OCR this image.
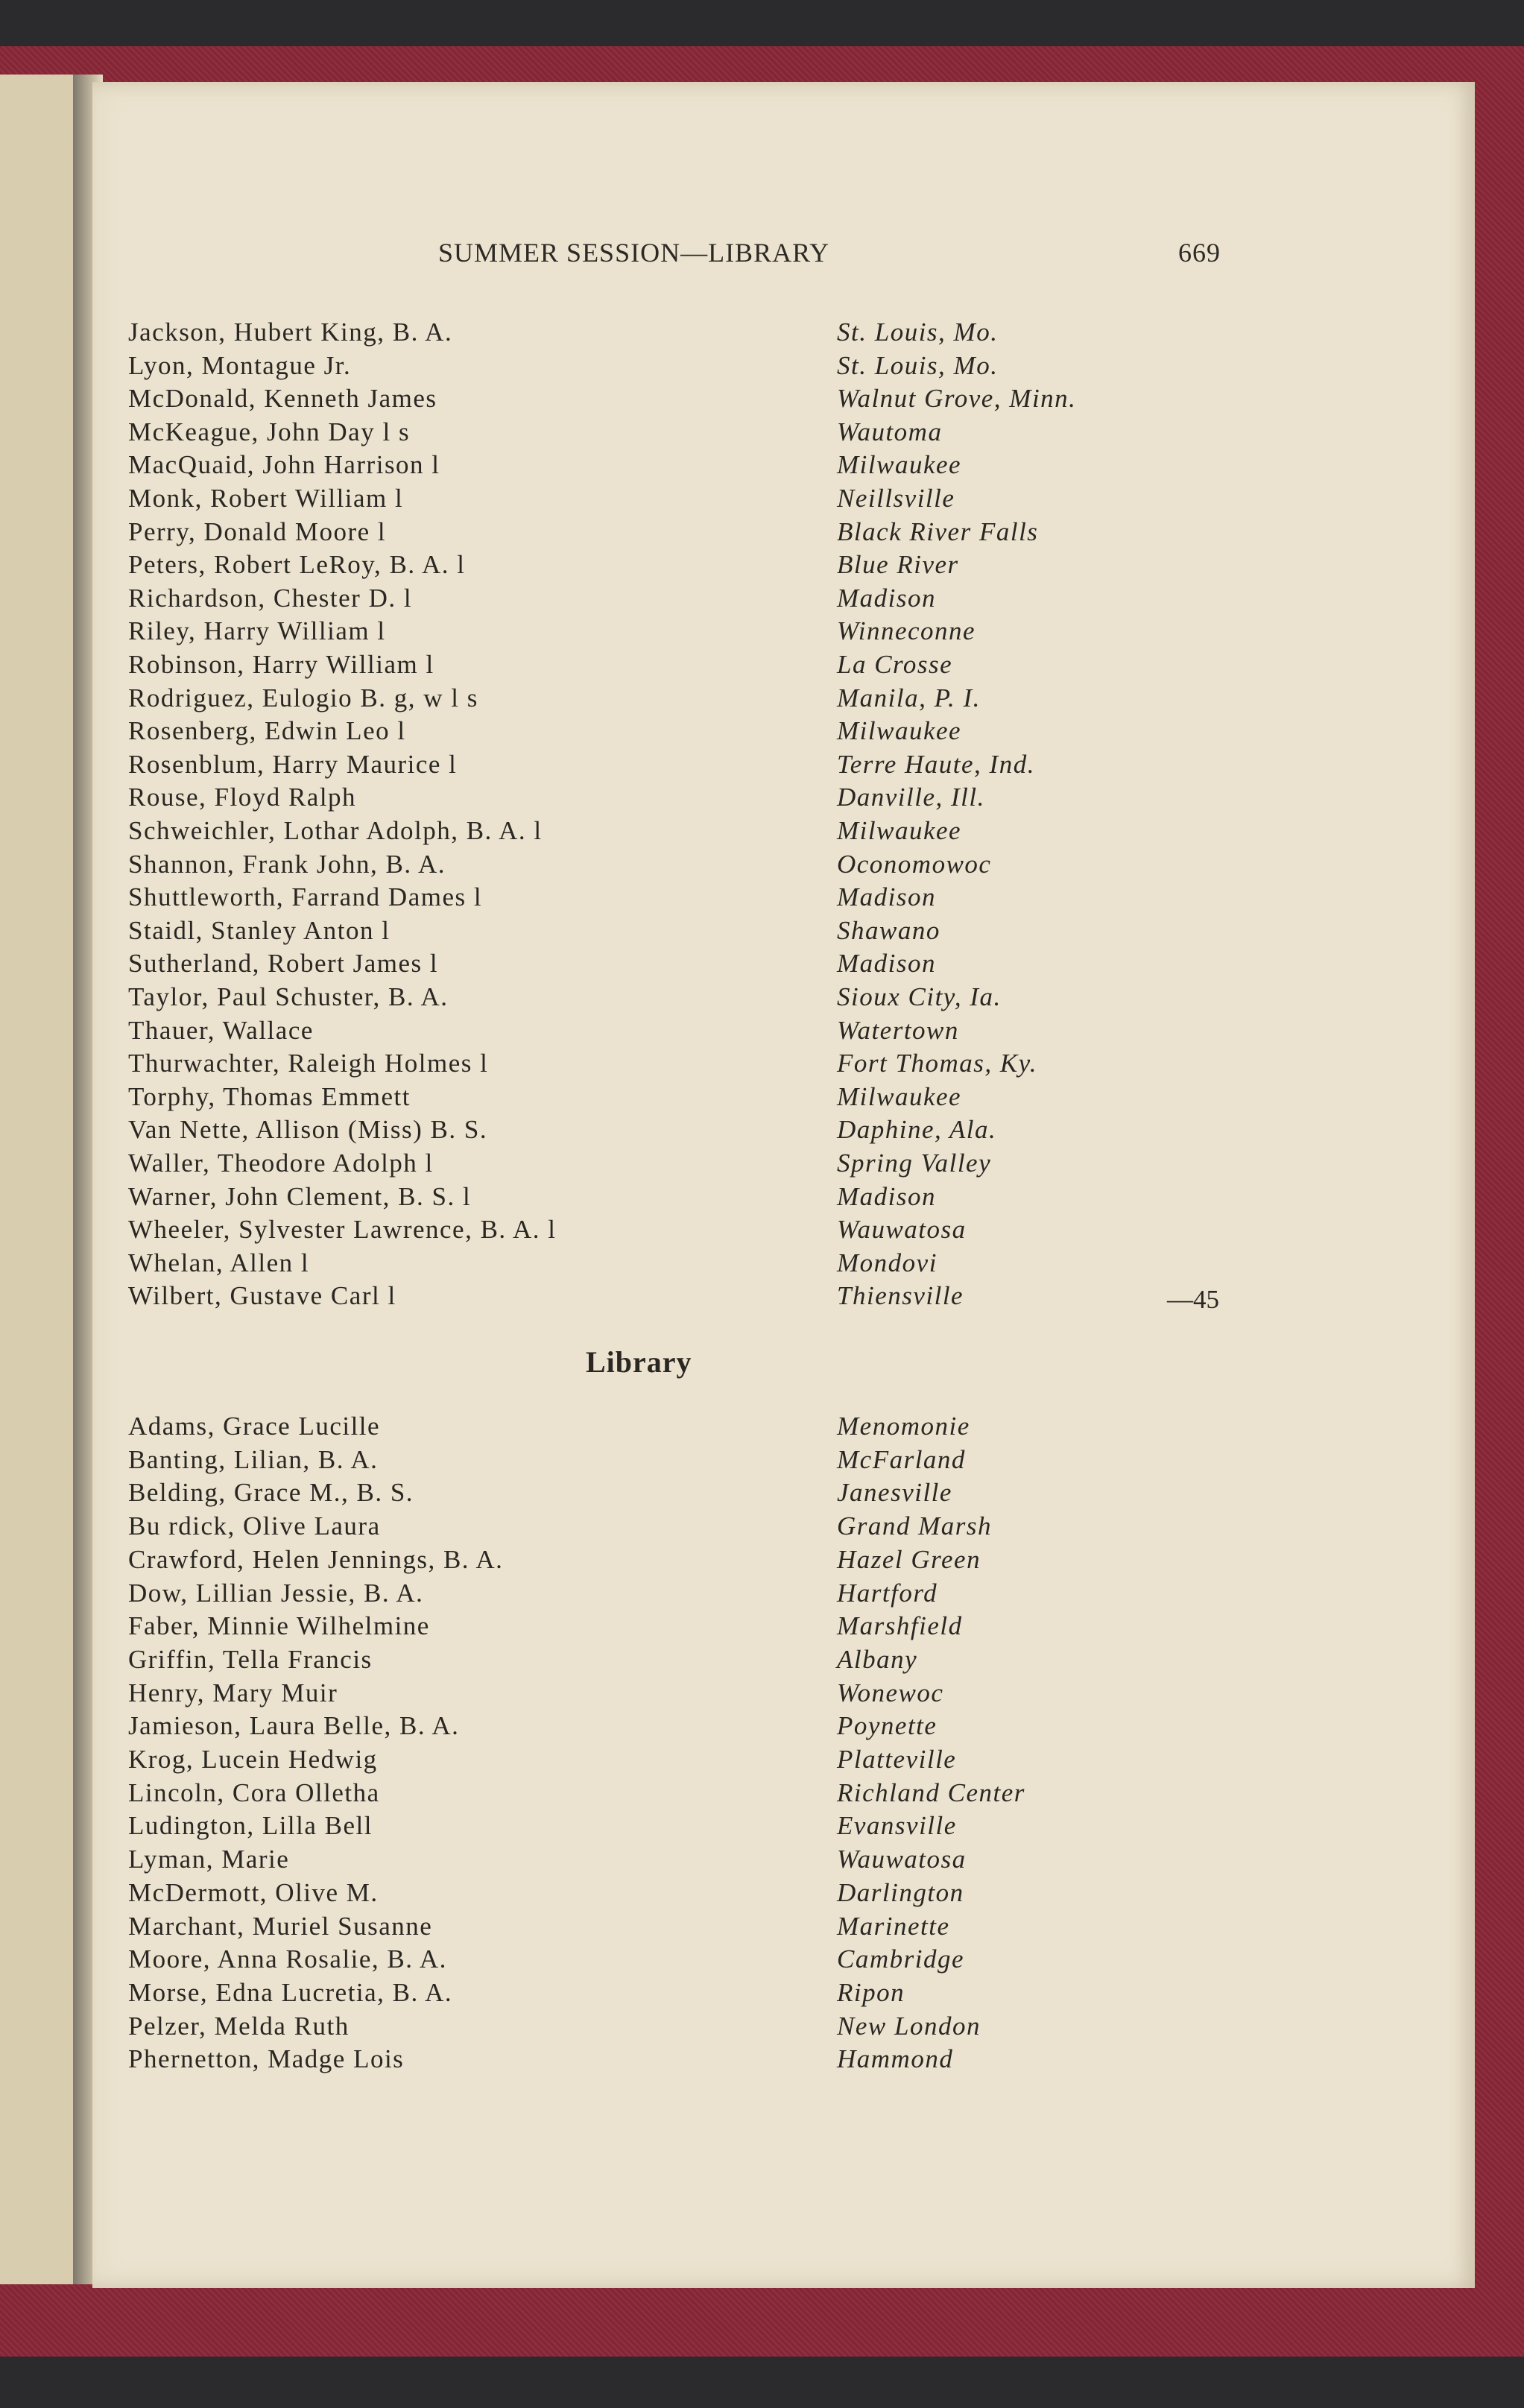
SUMMER SESSION—LIBRARY	669
Jackson, Hubert King, B. A.	St. Louis, Mo.
Lyon, Montague Jr.	St. Louis, Mo.
McDonald, Kenneth James	Walnut Grove, Minn.
McKeague, John Day l s	Wautoma
MacQuaid, John Harrison l	Milwaukee
Monk, Robert William l	Neillsville
Perry, Donald Moore l	Black River Falls
Peters, Robert LeRoy, B. A. l	Blue River
Richardson, Chester D. l	Madison
Riley, Harry William l	Winneconne
Robinson, Harry William l	La Crosse
Rodriguez, Eulogio B. g, w l s	Manila, P. I.
Rosenberg, Edwin Leo l	Milwaukee
Rosenblum, Harry Maurice l	Terre Haute, Ind.
Rouse, Floyd Ralph	Danville, Ill.
Schweichler, Lothar Adolph, B. A. l	Milwaukee
Shannon, Frank John, B. A.	Oconomowoc
Shuttleworth, Farrand Dames l	Madison
Staidl, Stanley Anton l	Shawano
Sutherland, Robert James l	Madison
Taylor, Paul Schuster, B. A.	Sioux City, Ia.
Thauer, Wallace	Watertown
Thurwachter, Raleigh Holmes l	Fort Thomas, Ky.
Torphy, Thomas Emmett	Milwaukee
Van Nette, Allison (Miss) B. S.	Daphine, Ala.
Waller, Theodore Adolph l	Spring Valley
Warner, John Clement, B. S. l	Madison
Wheeler, Sylvester Lawrence, B. A. l	Wauwatosa
Whelan, Allen l	Mondovi
Wilbert, Gustave Carl l	Thiensville	—45
Library
Adams, Grace Lucille	Menomonie
Banting, Lilian, B. A.	McFarland
Belding, Grace M., B. S.	Janesville
Bu rdick, Olive Laura	Grand Marsh
Crawford, Helen Jennings, B. A.	Hazel Green
Dow, Lillian Jessie, B. A.	Hartford
Faber, Minnie Wilhelmine	Marshfield
Griffin, Tella Francis	Albany
Henry, Mary Muir	Wonewoc
Jamieson, Laura Belle, B. A.	Poynette
Krog, Lucein Hedwig	Platteville
Lincoln, Cora Olletha	Richland Center
Ludington, Lilla Bell	Evansville
Lyman, Marie	Wauwatosa
McDermott, Olive M.	Darlington
Marchant, Muriel Susanne	Marinette
Moore, Anna Rosalie, B. A.	Cambridge
Morse, Edna Lucretia, B. A.	Ripon
Pelzer, Melda Ruth	New London
Phernetton, Madge Lois	Hammond
